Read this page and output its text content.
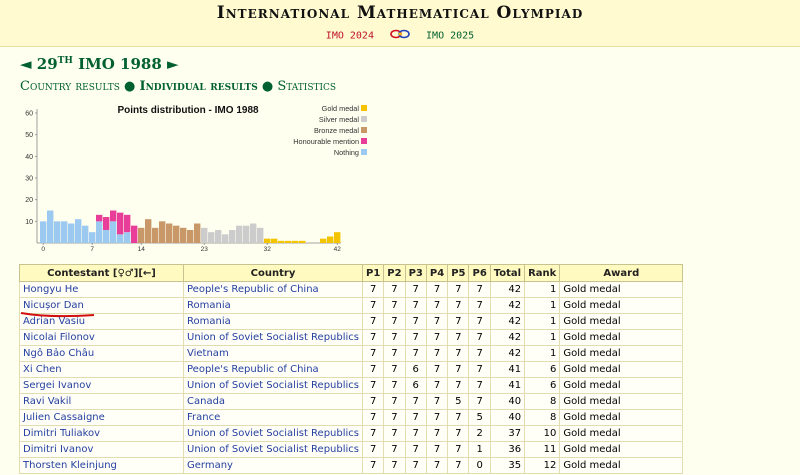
International Mathematical Olympiad
IMO 2024	IMO 2025
◄ 29TH IMO 1988 ►
Country results ● Individual results ● Statistics
Points distribution - IMO 1988
10
20
30
40
50
60
0	7	14	23	32	42
Gold medal
Silver medal
Bronze medal
Honourable mention
Nothing
Contestant [♀♂][←]	Country	P1	P2	P3	P4	P5	P6	Total	Rank	Award
Hongyu He	People's Republic of China	7	7	7	7	7	7	42	1	Gold medal
Nicușor Dan	Romania	7	7	7	7	7	7	42	1	Gold medal
Adrian Vasiu	Romania	7	7	7	7	7	7	42	1	Gold medal
Nicolai Filonov	Union of Soviet Socialist Republics	7	7	7	7	7	7	42	1	Gold medal
Ngô Bảo Châu	Vietnam	7	7	7	7	7	7	42	1	Gold medal
Xi Chen	People's Republic of China	7	7	6	7	7	7	41	6	Gold medal
Sergei Ivanov	Union of Soviet Socialist Republics	7	7	6	7	7	7	41	6	Gold medal
Ravi Vakil	Canada	7	7	7	7	5	7	40	8	Gold medal
Julien Cassaigne	France	7	7	7	7	7	5	40	8	Gold medal
Dimitri Tuliakov	Union of Soviet Socialist Republics	7	7	7	7	7	2	37	10	Gold medal
Dimitri Ivanov	Union of Soviet Socialist Republics	7	7	7	7	7	1	36	11	Gold medal
Thorsten Kleinjung	Germany	7	7	7	7	7	0	35	12	Gold medal
